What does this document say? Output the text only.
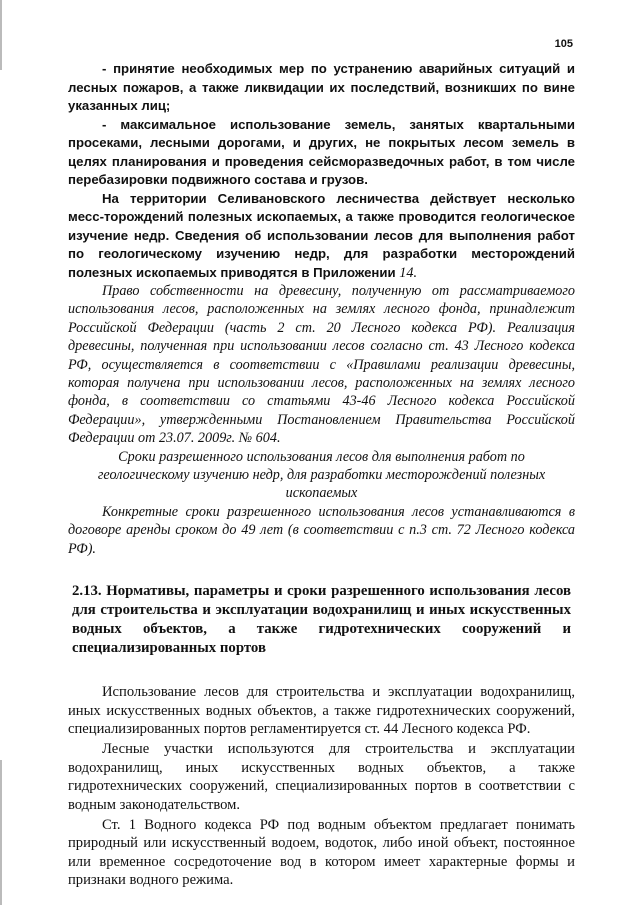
105

- принятие необходимых мер по устранению аварийных ситуаций и лесных пожаров, а также ликвидации их последствий, возникших по вине указанных лиц;

- максимальное использование земель, занятых квартальными просеками, лесными дорогами, и других, не покрытых лесом земель в целях планирования и проведения сейсморазведочных работ, в том числе перебазировки подвижного состава и грузов.

На территории Селивановского лесничества действует несколько месс-торождений полезных ископаемых, а также проводится геологическое изучение недр. Сведения об использовании лесов для выполнения работ по геологическому изучению недр, для разработки месторождений полезных ископаемых приводятся в Приложении 14.

Право собственности на древесину, полученную от рассматриваемого использования лесов, расположенных на землях лесного фонда, принадлежит Российской Федерации (часть 2 ст. 20 Лесного кодекса РФ). Реализация древесины, полученная при использовании лесов согласно ст. 43 Лесного кодекса РФ, осуществляется в соответствии с «Правилами реализации древесины, которая получена при использовании лесов, расположенных на землях лесного фонда, в соответствии со статьями 43-46 Лесного кодекса Российской Федерации», утвержденными Постановлением Правительства Российской Федерации от 23.07. 2009г. № 604.

Сроки разрешенного использования лесов для выполнения работ по геологическому изучению недр, для разработки месторождений полезных ископаемых

Конкретные сроки разрешенного использования лесов устанавливаются в договоре аренды сроком до 49 лет (в соответствии с п.3 ст. 72 Лесного кодекса РФ).

2.13. Нормативы, параметры и сроки разрешенного использования лесов для строительства и эксплуатации водохранилищ и иных искусственных водных объектов, а также гидротехнических сооружений и специализированных портов

Использование лесов для строительства и эксплуатации водохранилищ, иных искусственных водных объектов, а также гидротехнических сооружений, специализированных портов регламентируется ст. 44 Лесного кодекса РФ.

Лесные участки используются для строительства и эксплуатации водохранилищ, иных искусственных водных объектов, а также гидротехнических сооружений, специализированных портов в соответствии с водным законодательством.

Ст. 1 Водного кодекса РФ под водным объектом предлагает понимать природный или искусственный водоем, водоток, либо иной объект, постоянное или временное сосредоточение вод в котором имеет характерные формы и признаки водного режима.
